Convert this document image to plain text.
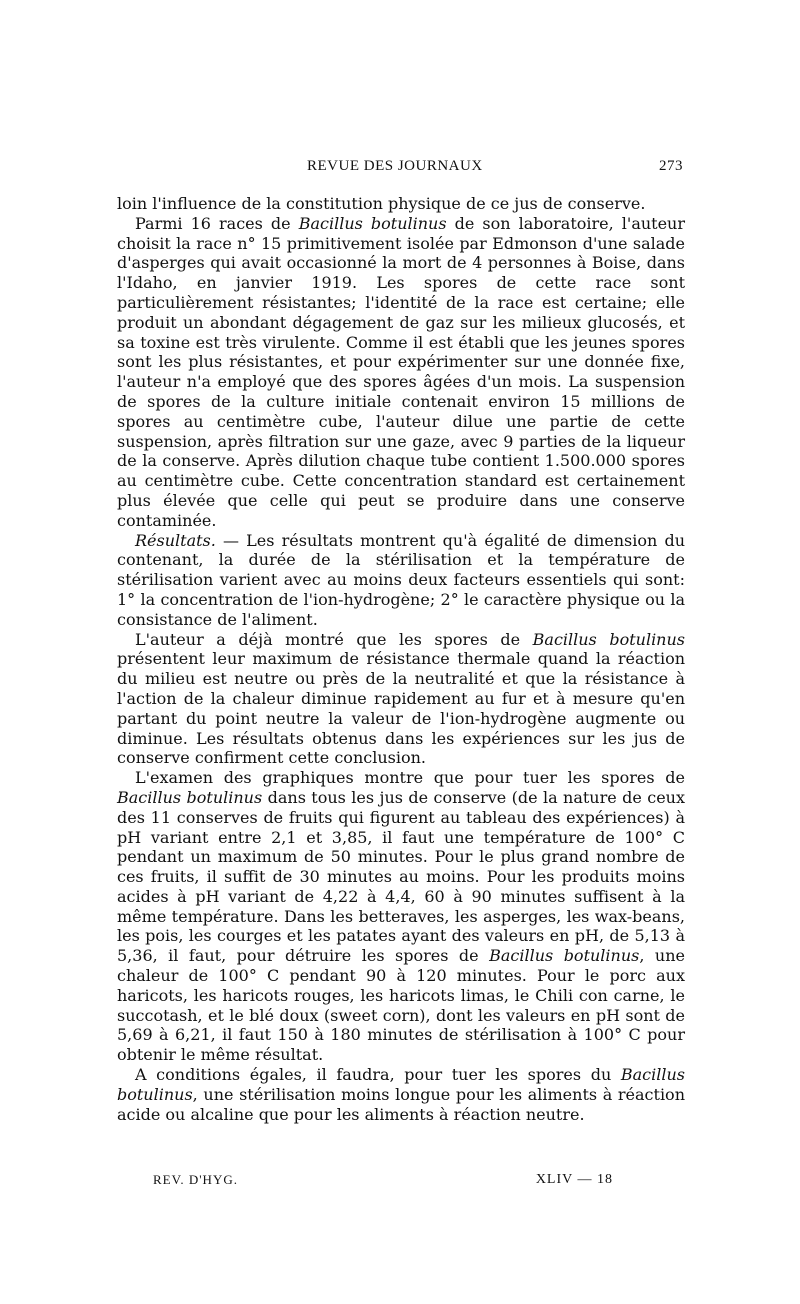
REVUE DES JOURNAUX	273

loin l'influence de la constitution physique de ce jus de conserve.

Parmi 16 races de Bacillus botulinus de son laboratoire, l'auteur choisit la race n° 15 primitivement isolée par Edmonson d'une salade d'asperges qui avait occasionné la mort de 4 personnes à Boise, dans l'Idaho, en janvier 1919. Les spores de cette race sont particulièrement résistantes; l'identité de la race est certaine; elle produit un abondant dégagement de gaz sur les milieux glucosés, et sa toxine est très virulente. Comme il est établi que les jeunes spores sont les plus résistantes, et pour expérimenter sur une donnée fixe, l'auteur n'a employé que des spores âgées d'un mois. La suspension de spores de la culture initiale contenait environ 15 millions de spores au centimètre cube, l'auteur dilue une partie de cette suspension, après filtration sur une gaze, avec 9 parties de la liqueur de la conserve. Après dilution chaque tube contient 1.500.000 spores au centimètre cube. Cette concentration standard est certainement plus élevée que celle qui peut se produire dans une conserve contaminée.

Résultats. — Les résultats montrent qu'à égalité de dimension du contenant, la durée de la stérilisation et la température de stérilisation varient avec au moins deux facteurs essentiels qui sont: 1° la concentration de l'ion-hydrogène; 2° le caractère physique ou la consistance de l'aliment.

L'auteur a déjà montré que les spores de Bacillus botulinus présentent leur maximum de résistance thermale quand la réaction du milieu est neutre ou près de la neutralité et que la résistance à l'action de la chaleur diminue rapidement au fur et à mesure qu'en partant du point neutre la valeur de l'ion-hydrogène augmente ou diminue. Les résultats obtenus dans les expériences sur les jus de conserve confirment cette conclusion.

L'examen des graphiques montre que pour tuer les spores de Bacillus botulinus dans tous les jus de conserve (de la nature de ceux des 11 conserves de fruits qui figurent au tableau des expériences) à pH variant entre 2,1 et 3,85, il faut une température de 100° C pendant un maximum de 50 minutes. Pour le plus grand nombre de ces fruits, il suffit de 30 minutes au moins. Pour les produits moins acides à pH variant de 4,22 à 4,4, 60 à 90 minutes suffisent à la même température. Dans les betteraves, les asperges, les wax-beans, les pois, les courges et les patates ayant des valeurs en pH, de 5,13 à 5,36, il faut, pour détruire les spores de Bacillus botulinus, une chaleur de 100° C pendant 90 à 120 minutes. Pour le porc aux haricots, les haricots rouges, les haricots limas, le Chili con carne, le succotash, et le blé doux (sweet corn), dont les valeurs en pH sont de 5,69 à 6,21, il faut 150 à 180 minutes de stérilisation à 100° C pour obtenir le même résultat.

A conditions égales, il faudra, pour tuer les spores du Bacillus botulinus, une stérilisation moins longue pour les aliments à réaction acide ou alcaline que pour les aliments à réaction neutre.

REV. D'HYG.	XLIV — 18
